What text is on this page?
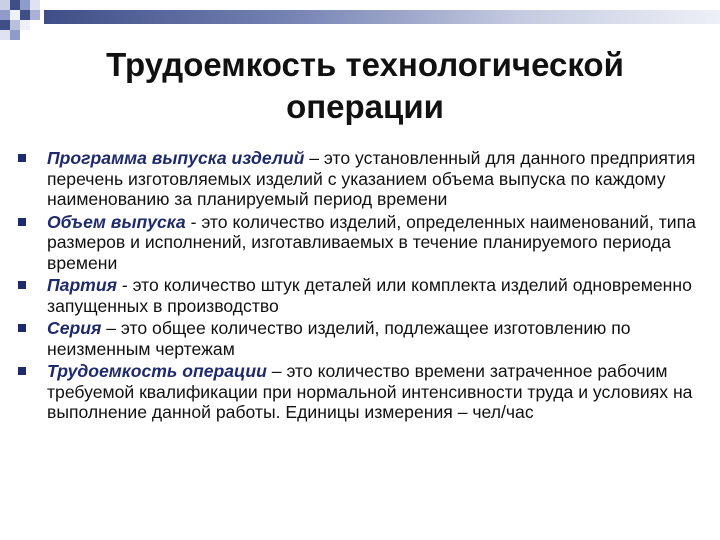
Трудоемкость технологической
операции
Программа выпуска изделий – это установленный для данного предприятия перечень изготовляемых изделий с указанием объема выпуска по каждому наименованию за планируемый период времени
Объем выпуска - это количество изделий, определенных наименований, типа размеров и исполнений, изготавливаемых в течение планируемого периода времени
Партия - это количество штук деталей или комплекта изделий одновременно запущенных в производство
Серия – это общее количество изделий, подлежащее изготовлению по неизменным чертежам
Трудоемкость операции – это количество времени затраченное рабочим требуемой квалификации при нормальной интенсивности труда и условиях на выполнение данной работы. Единицы измерения – чел/час
